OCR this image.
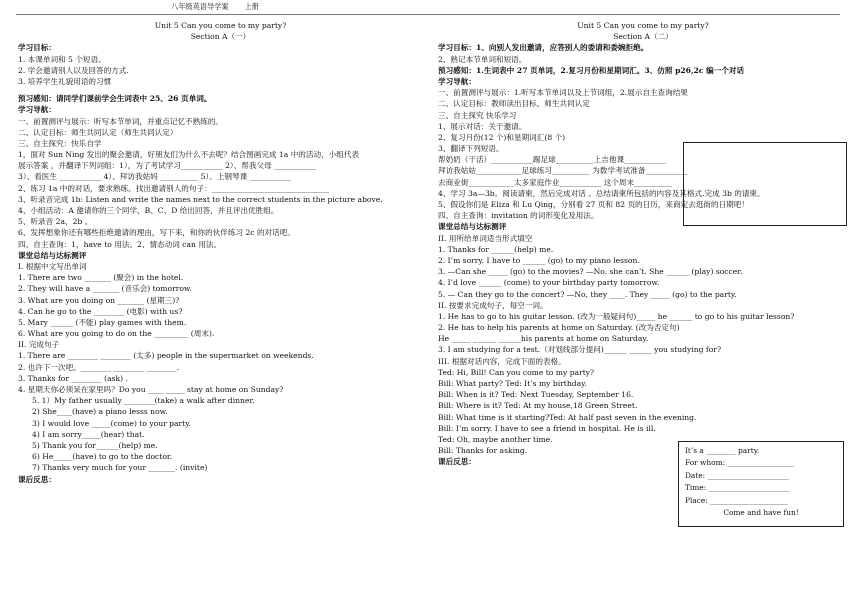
八年级英语导学案 上册
Unit 5 Can you come to my party?
Section A（一）
学习目标：
1. 本课单词和 5 个短语。
2. 学会邀请别人以及回答的方式.
3. 培养学生礼貌用语的习惯
预习感知：请同学们课前学会生词表中 25、26 页单词。
学习导航：
一、前置测评与展示：听写本节单词，并重点记忆不熟练的。
二、认定目标：师生共同认定（师生共同认定）
三、自主探究：快乐自学
1，面对 Sun Ning 发出的聚会邀请，好朋友们为什么不去呢？结合图画完成 1a 中的活动，小组代表
展示答案 ，并翻译下列词组：1），为了考试学习___________ 2）、帮我父母 ___________
3）、看医生 ___________ 4）、拜访我姑妈 __________ 5）、上钢琴课 ___________
2、练习 1a 中的对话，要求熟练。找出邀请别人的句子：_______________________________
3、听录音完成 1b: Listen and write the names next to the correct students in the picture above.
4、小组活动：A 邀请你的三个同学，B、C、D 给出回答，并且评出优胜组。
5、听录音 2a，2b 。
6、发挥想象你还有哪些拒绝邀请的理由，写下来，和你的伙伴练习 2c 的对话吧。
四、自主查询：1，have to 用法、2、情态动词 can 用法。
课堂总结与达标测评
I. 根据中文写出单词
1. There are two _______ (聚会) in the hotel.
2. They will have a _______ (音乐会) tomorrow.
3. What are you doing on _______ (星期三)?
4. Can he go to the ________ (电影) with us?
5. Mary ______ (不能) play games with them.
6. What are you going to do on the _________ (周末).
II. 完成句子
1. There are ________ ________ (太多) people in the supermarket on weekends.
2. 也许下一次吧。________ ________ ________.
3. Thanks for ________ (ask) .
4. 星期天你必须呆在家里吗？Do you ____ _____ stay at home on Sunday?
5. 1）My father usually ________(take) a walk after dinner.
2) She____(have) a piano lesss now.
3) I would love _____(come) to your party.
4) I am sorry_____(hear) that.
5) Thank you for______(help) me.
6) He_____(have) to go to the doctor.
7) Thanks very much for your _______. (invite)
课后反思：
Unit 5 Can you come to my party?
Section A（二）
学习目标：1、向别人发出邀请，应答别人的委请和委婉拒绝。
2、熟记本节单词和短语。
预习感知：1.生词表中 27 页单词，2.复习月份和星期词汇。3、仿照 p26,2c 编一个对话
学习导航：
一、前置测评与展示：1.听写本节单词以及上节词组，2.展示自主查询结果
二、认定目标：教师读出目标，师生共同认定
三、自主探究 快乐学习
1、展示对话：关于邀请。
2、复习月份(12 个)和星期词汇(8 个)
3、翻译下列短语。
帮奶奶（干活）___________踢足球__________上吉他课___________
拜访我姑姑____________足球练习__________ 为数学考试准备___________
去商业街____________太多家庭作业___________ 这个周末__________
4、学习 3a—3b。阅读请柬，然后完成对话 。总结请柬所包括的内容及其格式.完成 3b 的请柬。
5、假设你们是 Eliza 和 Lu Qing，分别看 27 页和 82 页的日历，来商定去逛街的日期吧！
四、自主查询：invitation 的词形变化及用法。
课堂总结与达标测评
II. 用所给单词适当形式填空
1. Thanks for ______(help) me.
2. I’m sorry. I have to ______ (go) to my piano lesson.
3. —Can she _____ (go) to the movies? —No. she can’t. She ______ (play) soccer.
4. I’d love ______ (come) to your birthday party tomorrow.
5. — Can they go to the concert? —No, they ____. They _____ (go) to the party.
II. 按要求完成句子，每空一词。
1. He has to go to his guitar lesson. (改为一般疑问句)_____ he ______ to go to his guitar lesson?
2. He has to help his parents at home on Saturday. (改为否定句)
He _____ ______ ______his parents at home on Saturday.
3. I am studying for a test.（对划线部分提问)______ ______ you studying for?
III. 根据对话内容，完成下面的表格。
Ted: Hi, Bill! Can you come to my party?
Bill: What party? Ted: It’s my birthday.
Bill: When is it? Ted: Next Tuesday, September 16.
Bill: Where is it? Ted: At my house,18 Green Street.
Bill: What time is it starting?Ted: At half past seven in the evening.
Bill: I’m sorry. I have to see a friend in hospital. He is ill.
Ted: Oh, maybe another time.
Bill: Thanks for asking.
课后反思：
It’s a ________ party.
For whom: __________________
Date: ______________________
Time: ______________________
Place: _____________________
Come and have fun!
